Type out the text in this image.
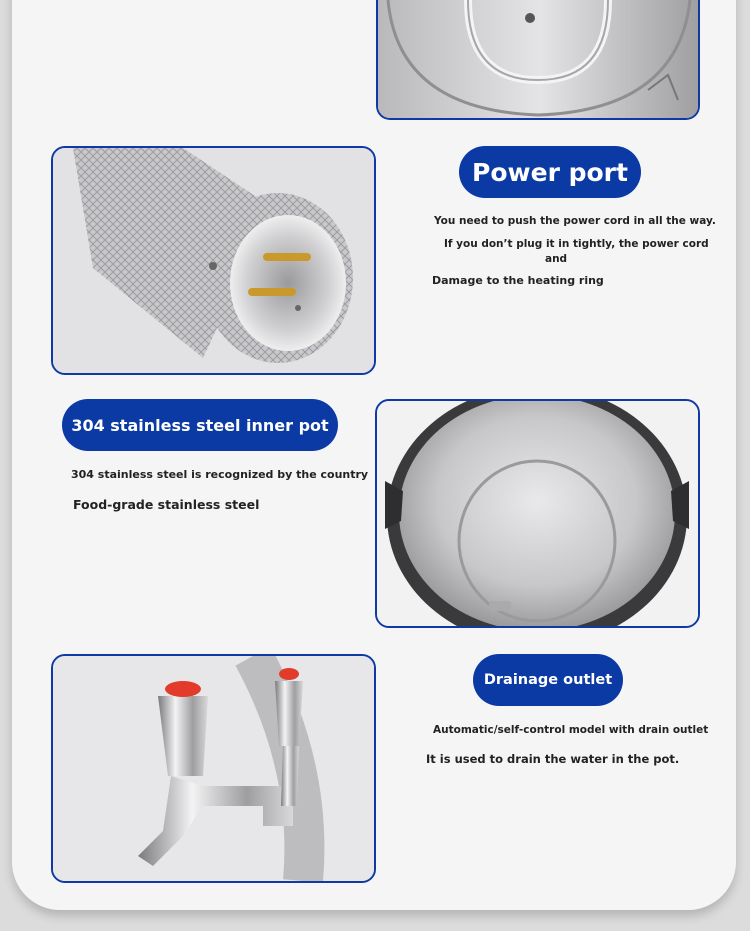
Power port
You need to push the power cord in all the way.
If you don’t plug it in tightly, the power cord
and
Damage to the heating ring
304 stainless steel inner pot
304 stainless steel is recognized by the country
Food-grade stainless steel
Drainage outlet
Automatic/self-control model with drain outlet
It is used to drain the water in the pot.
